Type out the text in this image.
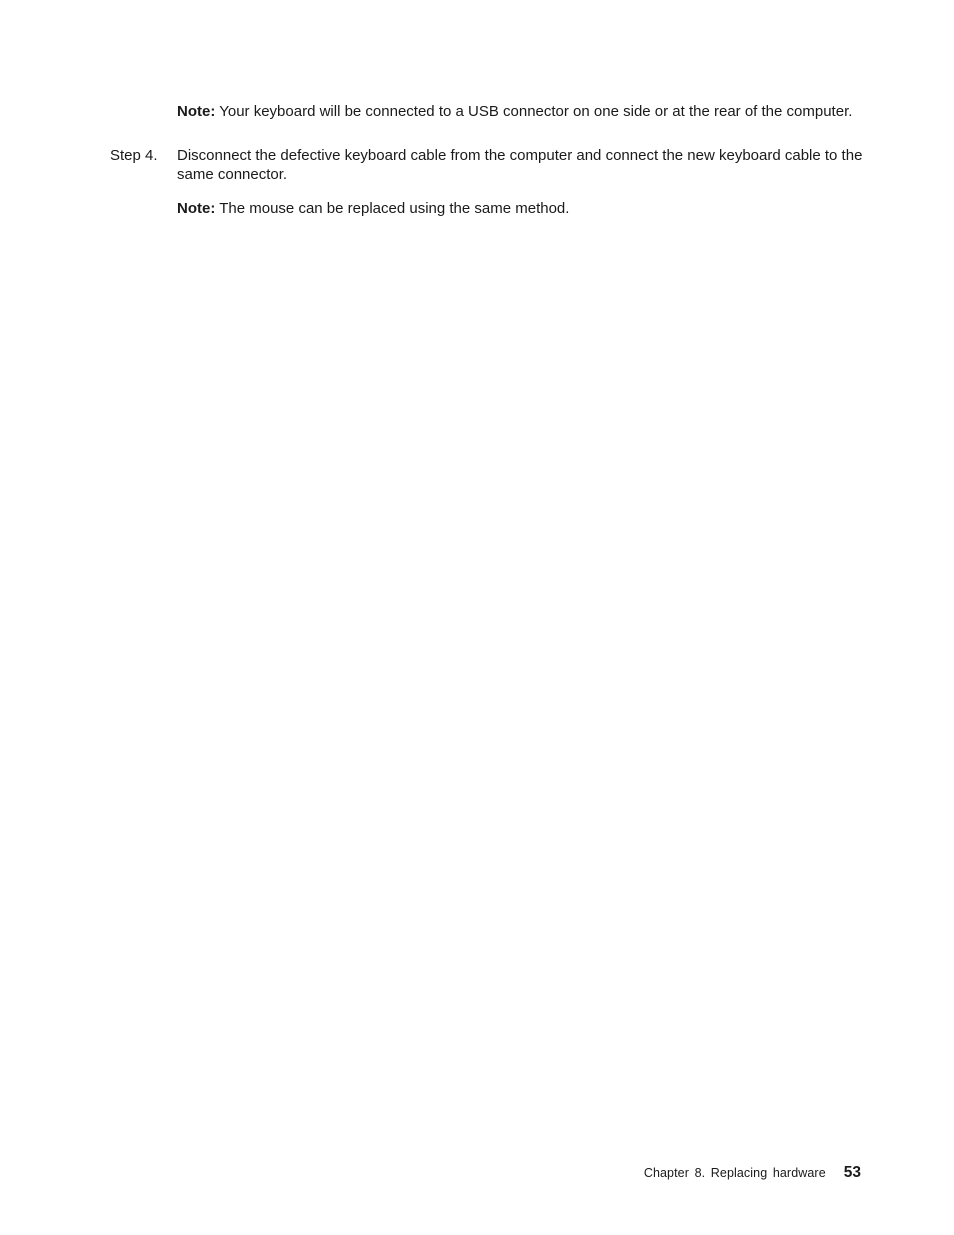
Note: Your keyboard will be connected to a USB connector on one side or at the rear of the computer.
Step 4.	Disconnect the defective keyboard cable from the computer and connect the new keyboard cable to the same connector.
Note: The mouse can be replaced using the same method.
Chapter 8. Replacing hardware 53
